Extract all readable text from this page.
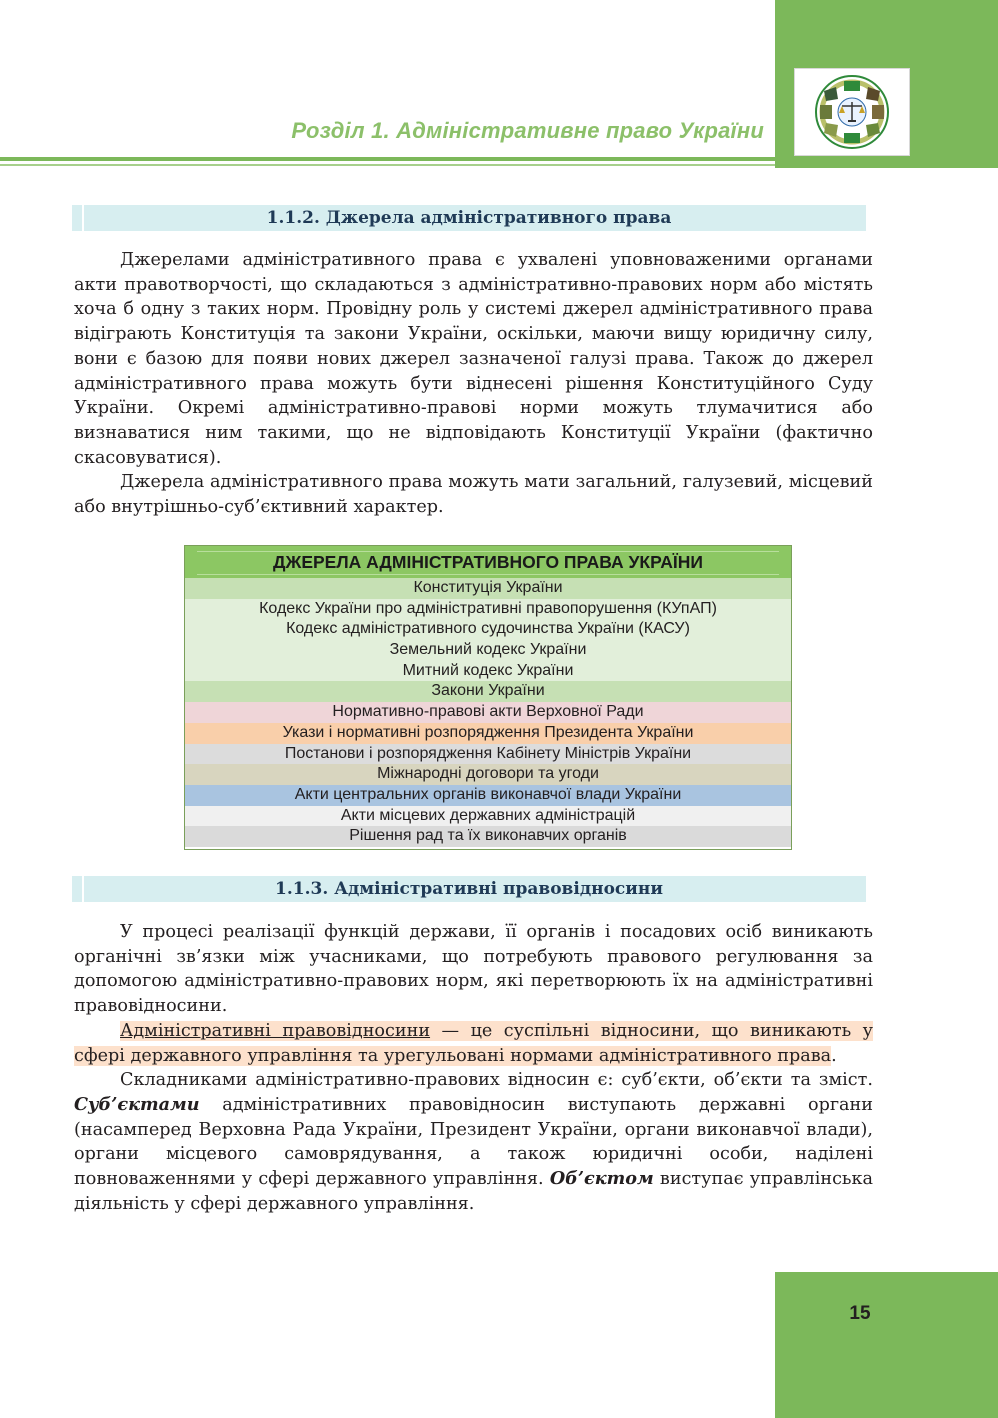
Розділ 1. Адміністративне право України
1.1.2. Джерела адміністративного права

Джерелами адміністративного права є ухвалені уповноваженими органами акти правотворчості, що складаються з адміністративно-правових норм або містять хоча б одну з таких норм. Провідну роль у системі джерел адміністративного права відіграють Конституція та закони України, оскільки, маючи вищу юридичну силу, вони є базою для появи нових джерел зазначеної галузі права. Також до джерел адміністративного права можуть бути віднесені рішення Конституційного Суду України. Окремі адміністративно-правові норми можуть тлумачитися або визнаватися ним такими, що не відповідають Конституції України (фактично скасовуватися).

Джерела адміністративного права можуть мати загальний, галузевий, місцевий або внутрішньо-суб’єктивний характер.

ДЖЕРЕЛА АДМІНІСТРАТИВНОГО ПРАВА УКРАЇНИ
Конституція України
Кодекс України про адміністративні правопорушення (КУпАП)
Кодекс адміністративного судочинства України (КАСУ)
Земельний кодекс України
Митний кодекс України
Закони України
Нормативно-правові акти Верховної Ради
Укази і нормативні розпорядження Президента України
Постанови і розпорядження Кабінету Міністрів України
Міжнародні договори та угоди
Акти центральних органів виконавчої влади України
Акти місцевих державних адміністрацій
Рішення рад та їх виконавчих органів
1.1.3. Адміністративні правовідносини

У процесі реалізації функцій держави, її органів і посадових осіб виникають органічні зв’язки між учасниками, що потребують правового регулювання за допомогою адміністративно-правових норм, які перетворюють їх на адміністративні правовідносини.

Адміністративні правовідносини — це суспільні відносини, що виникають у сфері державного управління та урегульовані нормами адміністративного права.

Складниками адміністративно-правових відносин є: суб’єкти, об’єкти та зміст. Суб’єктами адміністративних правовідносин виступають державні органи (насамперед Верховна Рада України, Президент України, органи виконавчої влади), органи місцевого самоврядування, а також юридичні особи, наділені повноваженнями у сфері державного управління. Об’єктом виступає управлінська діяльність у сфері державного управління.

15
